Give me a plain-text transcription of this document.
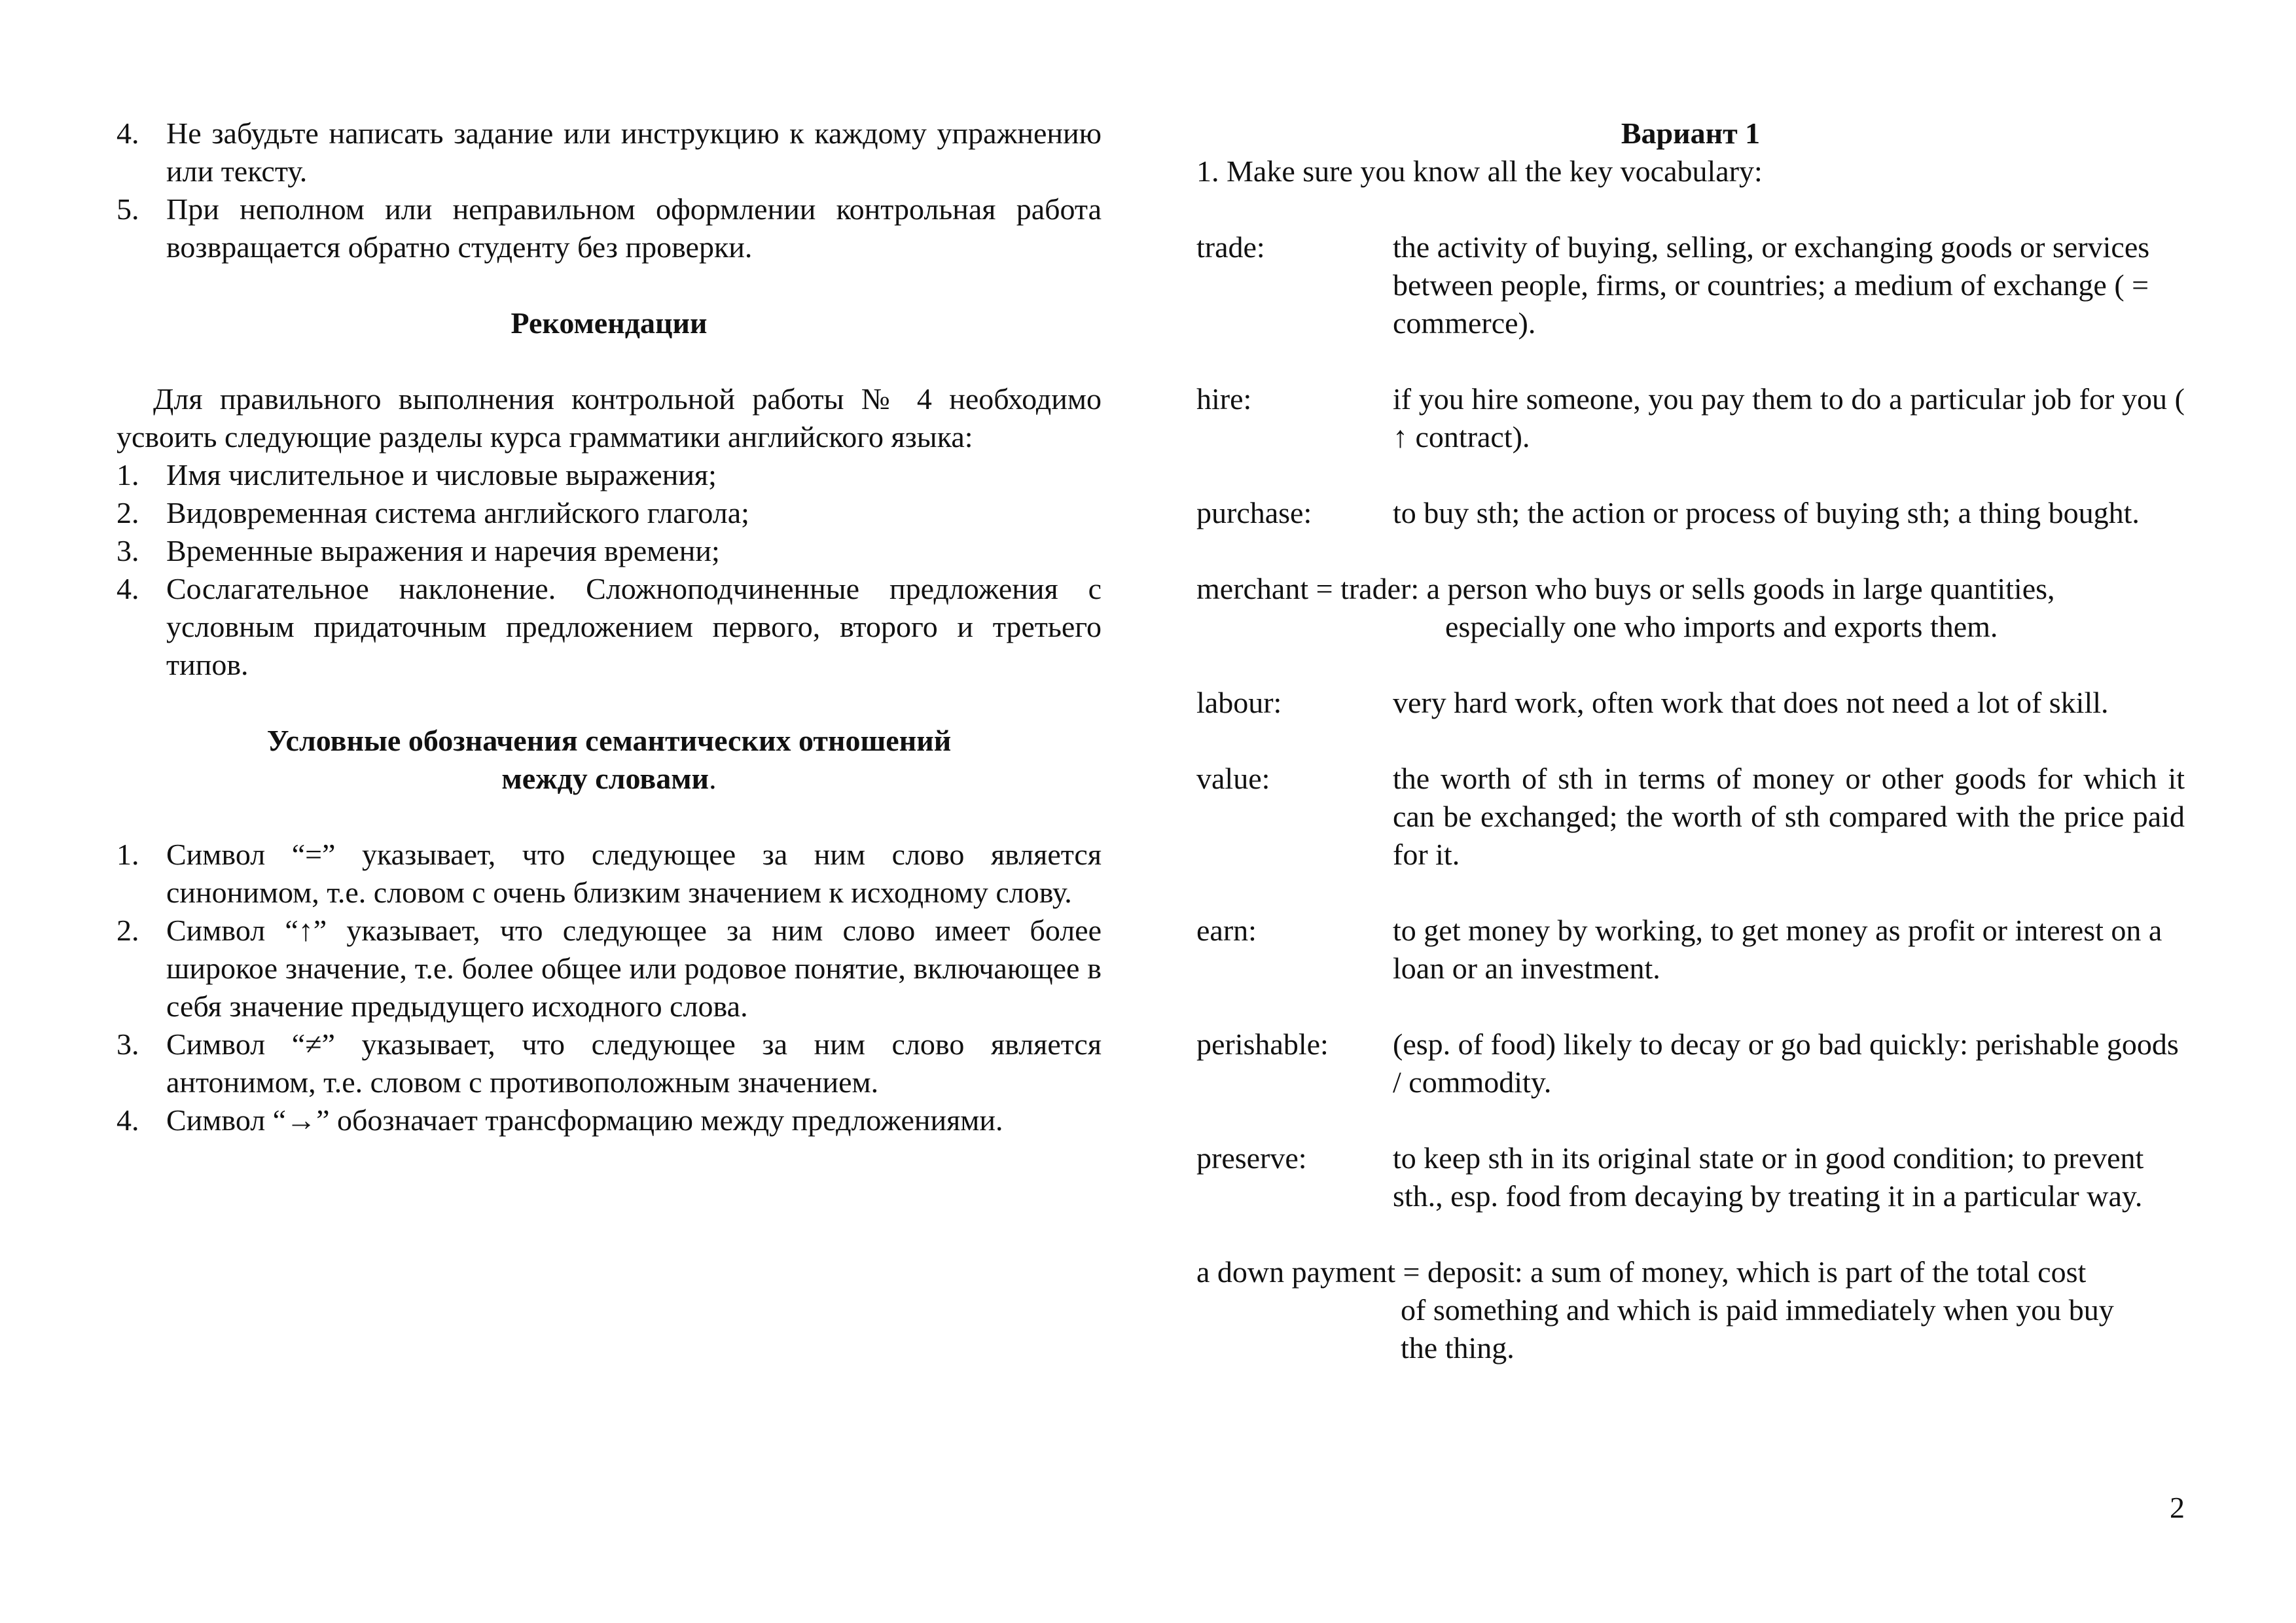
4. Не забудьте написать задание или инструкцию к каждому упражнению или тексту.
5. При неполном или неправильном оформлении контрольная работа возвращается обратно студенту без проверки.
Рекомендации
Для правильного выполнения контрольной работы № 4 необходимо усвоить следующие разделы курса грамматики английского языка:
1. Имя числительное и числовые выражения;
2. Видовременная система английского глагола;
3. Временные выражения и наречия времени;
4. Сослагательное наклонение. Сложноподчиненные предложения с условным придаточным предложением первого, второго и третьего типов.
Условные обозначения семантических отношений
между словами.
1. Символ “=” указывает, что следующее за ним слово является синонимом, т.е. словом с очень близким значением к исходному слову.
2. Символ “↑” указывает, что следующее за ним слово имеет более широкое значение, т.е. более общее или родовое понятие, включающее в себя значение предыдущего исходного слова.
3. Символ “≠” указывает, что следующее за ним слово является антонимом, т.е. словом с противоположным значением.
4. Символ “→” обозначает трансформацию между предложениями.
Вариант 1
1. Make sure you know all the key vocabulary:
trade:	the activity of buying, selling, or exchanging goods or services between people, firms, or countries; a medium of exchange ( = commerce).
hire:	if you hire someone, you pay them to do a particular job for you ( ↑ contract).
purchase:	to buy sth; the action or process of buying sth; a thing bought.
merchant = trader: a person who buys or sells goods in large quantities,
especially one who imports and exports them.
labour:	very hard work, often work that does not need a lot of skill.
value:	the worth of sth in terms of money or other goods for which it can be exchanged; the worth of sth compared with the price paid for it.
earn:	to get money by working, to get money as profit or interest on a loan or an investment.
perishable:	(esp. of food) likely to decay or go bad quickly: perishable goods / commodity.
preserve:	to keep sth in its original state or in good condition; to prevent sth., esp. food from decaying by treating it in a particular way.
a down payment = deposit: a sum of money, which is part of the total cost
of something and which is paid immediately when you buy
the thing.
2
